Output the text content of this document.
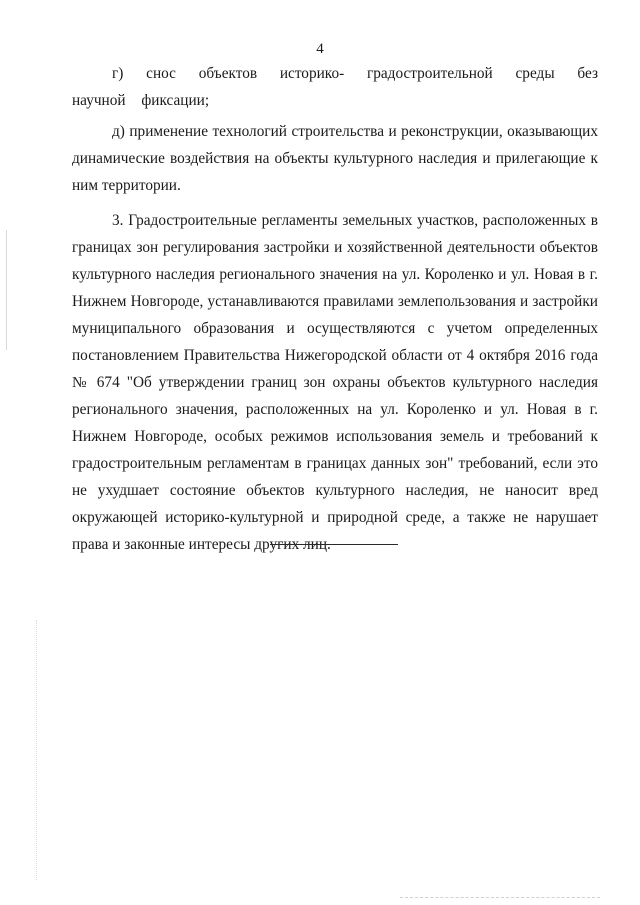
4

г) снос объектов историко- градостроительной среды без научной фиксации;

д) применение технологий строительства и реконструкции, оказывающих динамические воздействия на объекты культурного наследия и прилегающие к ним территории.

3. Градостроительные регламенты земельных участков, расположенных в границах зон регулирования застройки и хозяйственной деятельности объектов культурного наследия регионального значения на ул. Короленко и ул. Новая в г. Нижнем Новгороде, устанавливаются правилами землепользования и застройки муниципального образования и осуществляются с учетом определенных постановлением Правительства Нижегородской области от 4 октября 2016 года № 674 "Об утверждении границ зон охраны объектов культурного наследия регионального значения, расположенных на ул. Короленко и ул. Новая в г. Нижнем Новгороде, особых режимов использования земель и требований к градостроительным регламентам в границах данных зон" требований, если это не ухудшает состояние объектов культурного наследия, не наносит вред окружающей историко-культурной и природной среде, а также не нарушает права и законные интересы других лиц.
